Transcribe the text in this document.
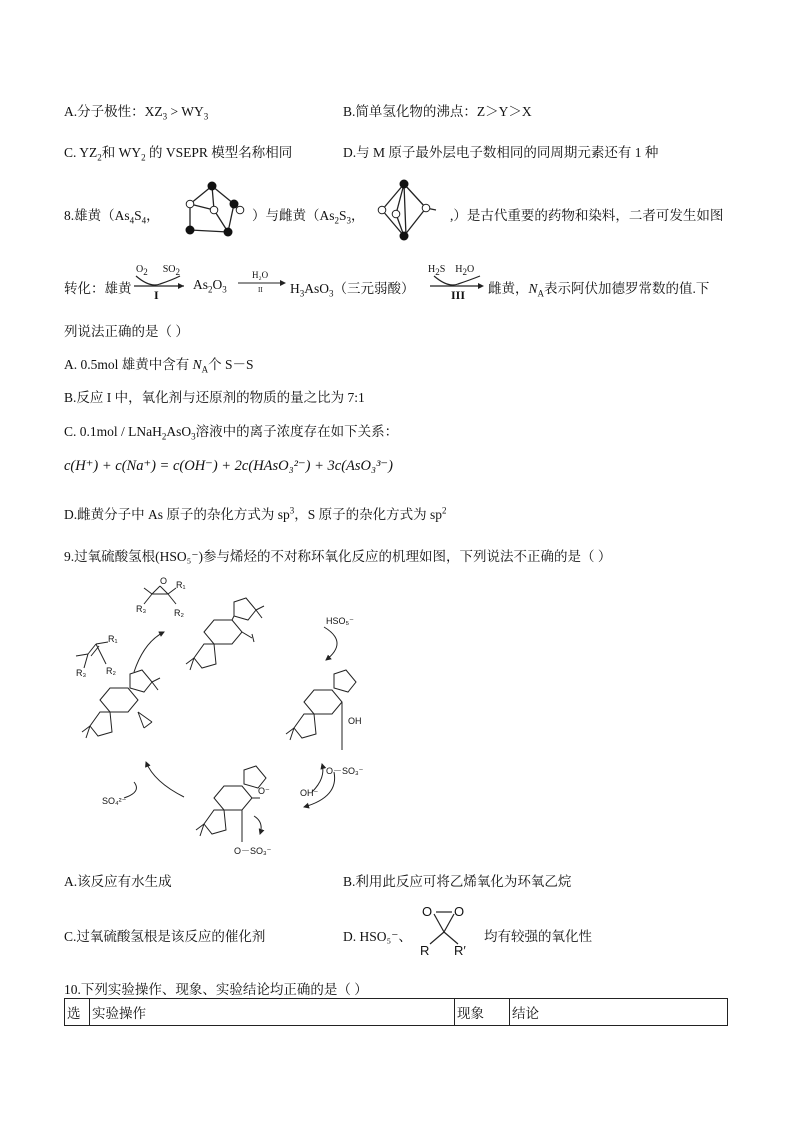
A.分子极性：$XZ_3 > WY_3$	B.简单氢化物的沸点：Z＞Y＞X
C. $YZ_2$和 $WY_2$ 的 VSEPR 模型名称相同	D.与 M 原子最外层电子数相同的同周期元素还有 1 种
8.雄黄（$As_4S_4$，	）与雌黄（$As_2S_3$，	,）是古代重要的药物和染料，二者可发生如图
转化：雄黄
$O_2$ $SO_2$
I
$As_2O_3$
H₂O
II $H_3AsO_3$（三元弱酸）
$H_2S$ $H_2O$
III 雌黄，$N_A$表示阿伏加德罗常数的值.下
列说法正确的是（ ）
A. 0.5mol 雄黄中含有 $N_A$个 S－S
B.反应 I 中，氧化剂与还原剂的物质的量之比为 7:1
C. 0.1mol / LNaH$_2$AsO$_3$溶液中的离子浓度存在如下关系：
c(H⁺) + c(Na⁺) = c(OH⁻) + 2c(HAsO₃²⁻) + 3c(AsO₃³⁻)
D.雌黄分子中 As 原子的杂化方式为 $sp^3$，S 原子的杂化方式为 $sp^2$
9.过氧硫酸氢根(HSO₅⁻)参与烯烃的不对称环氧化反应的机理如图，下列说法不正确的是（ ）
O R₁
R₃	R₂
R₁
R₂
R₃
HSO₅⁻
OH
O－SO₃⁻
OH⁻
SO₄²⁻
O⁻
O－SO₃⁻
A.该反应有水生成	B.利用此反应可将乙烯氧化为环氧乙烷
C.过氧硫酸氢根是该反应的催化剂	D. HSO₅⁻、
O O
R R′
均有较强的氧化性
10.下列实验操作、现象、实验结论均正确的是（ ）
选	实验操作	现象	结论
